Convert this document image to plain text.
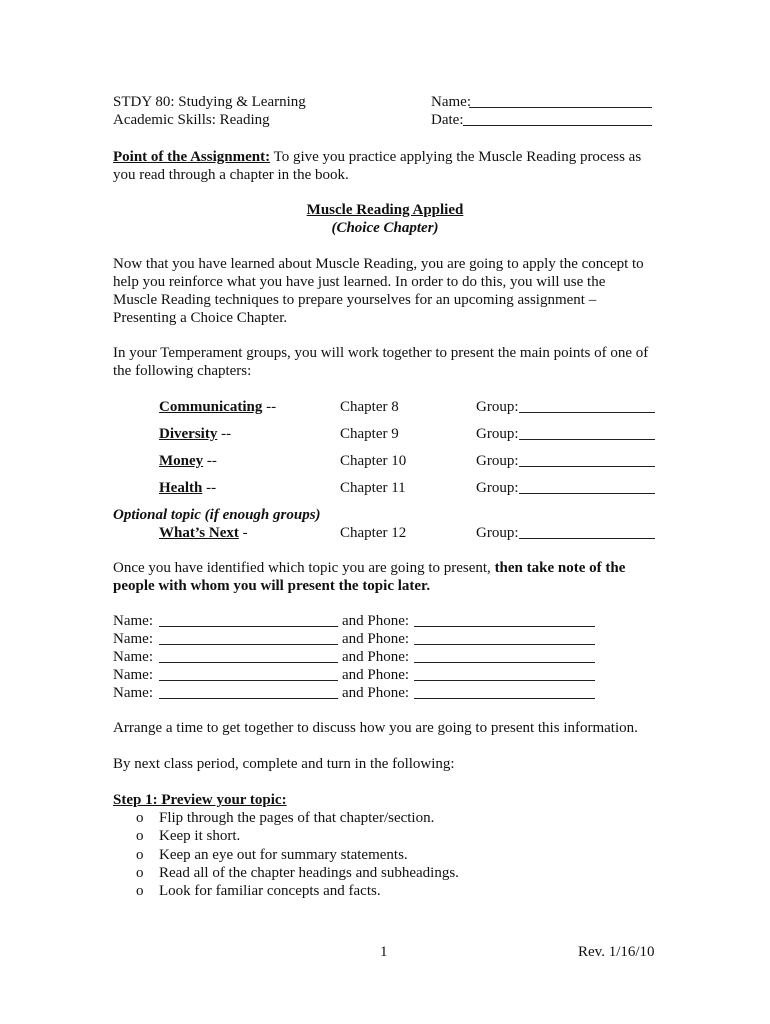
STDY 80: Studying & Learning
Academic Skills: Reading
Name:
Date:
Point of the Assignment: To give you practice applying the Muscle Reading process as
you read through a chapter in the book.
Muscle Reading Applied
(Choice Chapter)
Now that you have learned about Muscle Reading, you are going to apply the concept to
help you reinforce what you have just learned. In order to do this, you will use the
Muscle Reading techniques to prepare yourselves for an upcoming assignment –
Presenting a Choice Chapter.
In your Temperament groups, you will work together to present the main points of one of
the following chapters:
Communicating --	Chapter 8	Group:
Diversity --	Chapter 9	Group:
Money --	Chapter 10	Group:
Health --	Chapter 11	Group:
Optional topic (if enough groups)
What’s Next -	Chapter 12	Group:
Once you have identified which topic you are going to present, then take note of the
people with whom you will present the topic later.
Name:	and Phone:
Name:	and Phone:
Name:	and Phone:
Name:	and Phone:
Name:	and Phone:
Arrange a time to get together to discuss how you are going to present this information.
By next class period, complete and turn in the following:
Step 1: Preview your topic:
o Flip through the pages of that chapter/section.
o Keep it short.
o Keep an eye out for summary statements.
o Read all of the chapter headings and subheadings.
o Look for familiar concepts and facts.
1	Rev. 1/16/10
